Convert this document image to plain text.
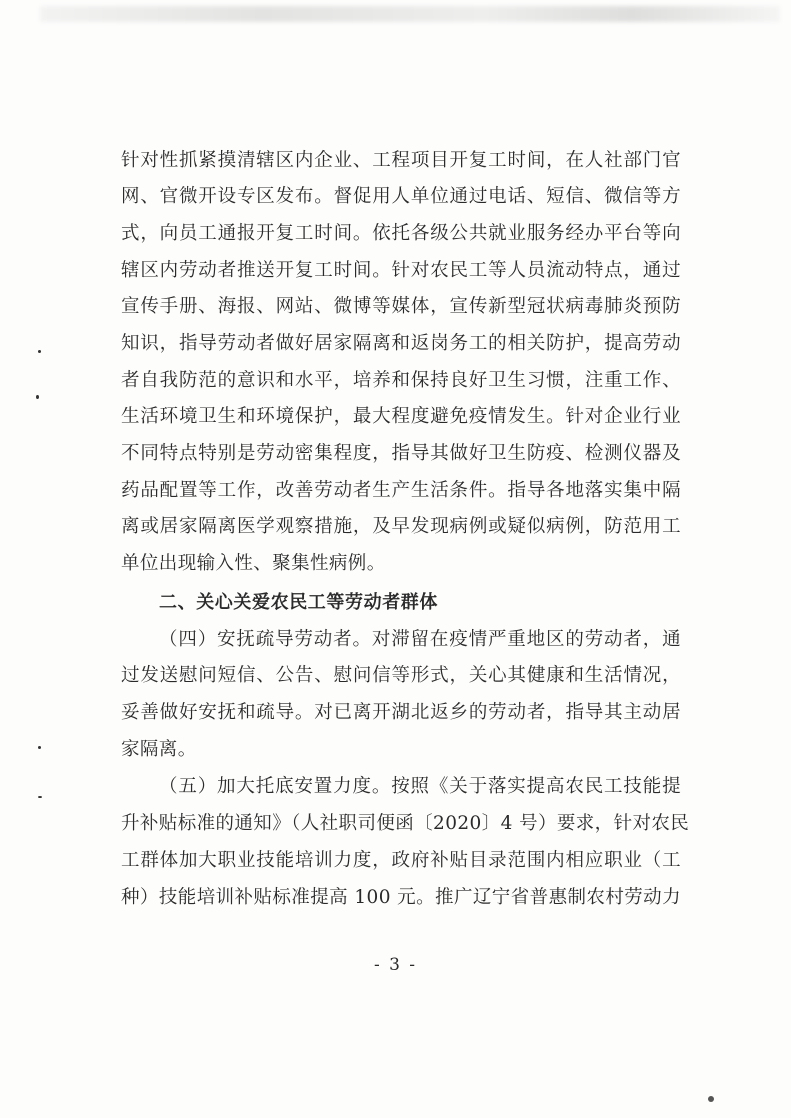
针对性抓紧摸清辖区内企业、工程项目开复工时间，在人社部门官
网、官微开设专区发布。督促用人单位通过电话、短信、微信等方
式，向员工通报开复工时间。依托各级公共就业服务经办平台等向
辖区内劳动者推送开复工时间。针对农民工等人员流动特点，通过
宣传手册、海报、网站、微博等媒体，宣传新型冠状病毒肺炎预防
知识，指导劳动者做好居家隔离和返岗务工的相关防护，提高劳动
者自我防范的意识和水平，培养和保持良好卫生习惯，注重工作、
生活环境卫生和环境保护，最大程度避免疫情发生。针对企业行业
不同特点特别是劳动密集程度，指导其做好卫生防疫、检测仪器及
药品配置等工作，改善劳动者生产生活条件。指导各地落实集中隔
离或居家隔离医学观察措施，及早发现病例或疑似病例，防范用工
单位出现输入性、聚集性病例。
二、关心关爱农民工等劳动者群体
（四）安抚疏导劳动者。对滞留在疫情严重地区的劳动者，通
过发送慰问短信、公告、慰问信等形式，关心其健康和生活情况，
妥善做好安抚和疏导。对已离开湖北返乡的劳动者，指导其主动居
家隔离。
（五）加大托底安置力度。按照《关于落实提高农民工技能提
升补贴标准的通知》（人社职司便函〔2020〕4 号）要求，针对农民
工群体加大职业技能培训力度，政府补贴目录范围内相应职业（工
种）技能培训补贴标准提高 100 元。推广辽宁省普惠制农村劳动力
- 3 -
